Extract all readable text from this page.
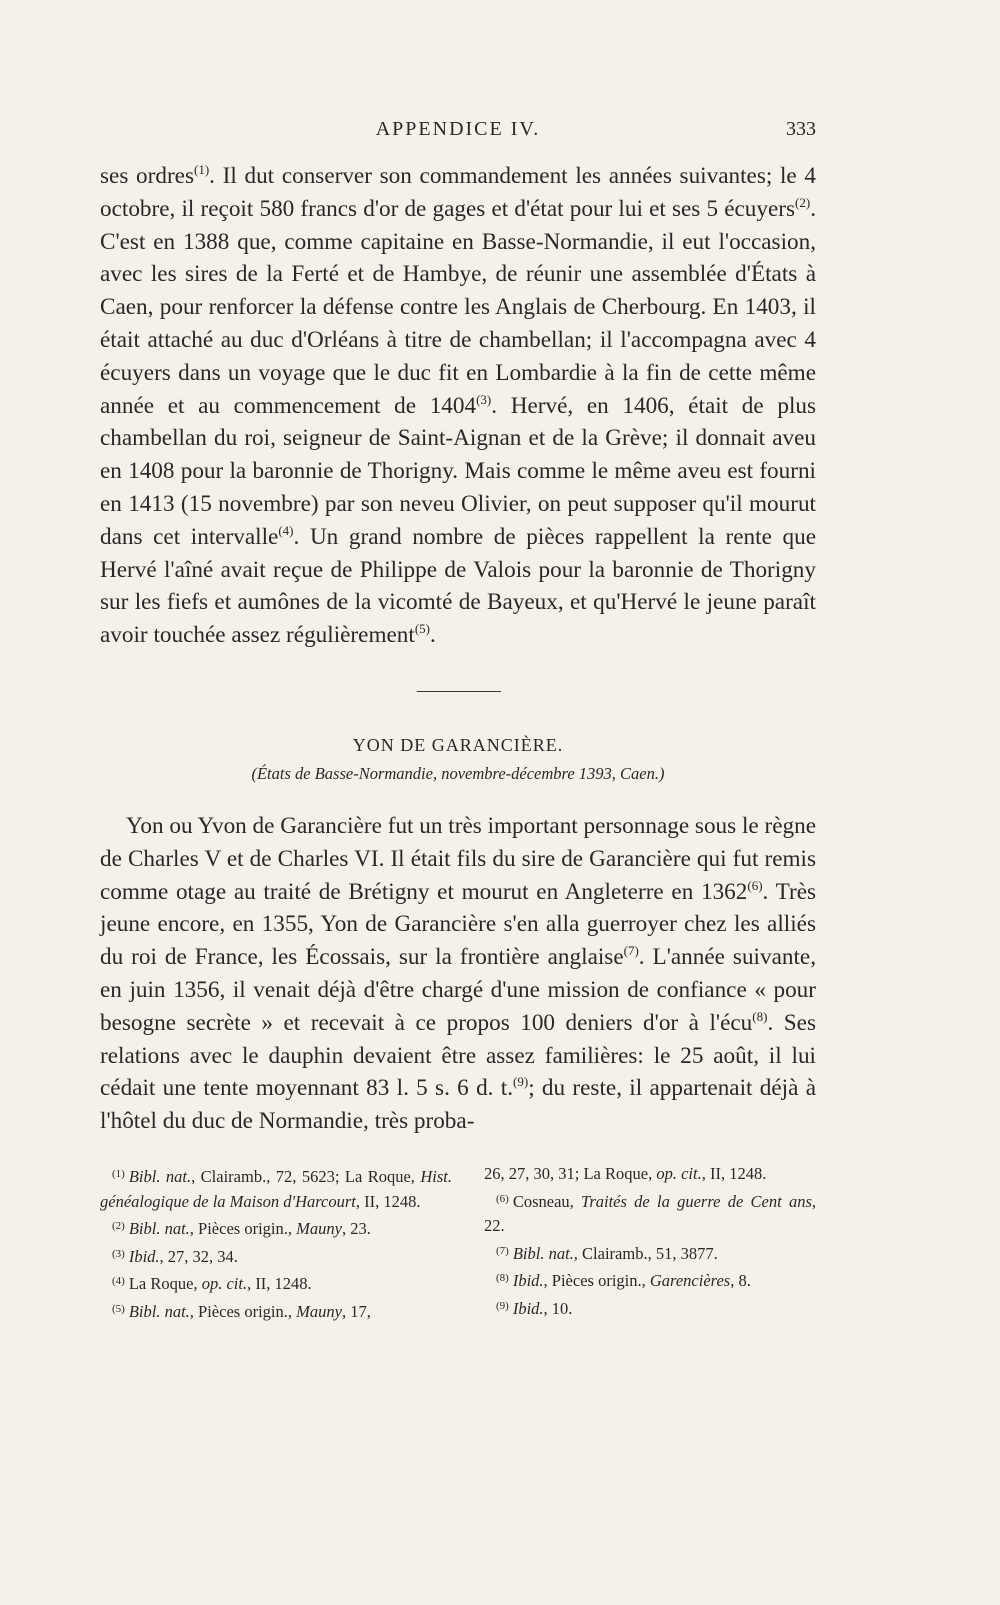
APPENDICE IV.	333

ses ordres$^{(1)}$. Il dut conserver son commandement les années suivantes; le 4 octobre, il reçoit 580 francs d'or de gages et d'état pour lui et ses 5 écuyers$^{(2)}$. C'est en 1388 que, comme capitaine en Basse-Normandie, il eut l'occasion, avec les sires de la Ferté et de Hambye, de réunir une assemblée d'États à Caen, pour renforcer la défense contre les Anglais de Cherbourg. En 1403, il était attaché au duc d'Orléans à titre de chambellan; il l'accompagna avec 4 écuyers dans un voyage que le duc fit en Lombardie à la fin de cette même année et au commencement de 1404$^{(3)}$. Hervé, en 1406, était de plus chambellan du roi, seigneur de Saint-Aignan et de la Grève; il donnait aveu en 1408 pour la baronnie de Thorigny. Mais comme le même aveu est fourni en 1413 (15 novembre) par son neveu Olivier, on peut supposer qu'il mourut dans cet intervalle$^{(4)}$. Un grand nombre de pièces rappellent la rente que Hervé l'aîné avait reçue de Philippe de Valois pour la baronnie de Thorigny sur les fiefs et aumônes de la vicomté de Bayeux, et qu'Hervé le jeune paraît avoir touchée assez régulièrement$^{(5)}$.

YON DE GARANCIÈRE.
(États de Basse-Normandie, novembre-décembre 1393, Caen.)

Yon ou Yvon de Garancière fut un très important personnage sous le règne de Charles V et de Charles VI. Il était fils du sire de Garancière qui fut remis comme otage au traité de Brétigny et mourut en Angleterre en 1362$^{(6)}$. Très jeune encore, en 1355, Yon de Garancière s'en alla guerroyer chez les alliés du roi de France, les Écossais, sur la frontière anglaise$^{(7)}$. L'année suivante, en juin 1356, il venait déjà d'être chargé d'une mission de confiance « pour besogne secrète » et recevait à ce propos 100 deniers d'or à l'écu$^{(8)}$. Ses relations avec le dauphin devaient être assez familières: le 25 août, il lui cédait une tente moyennant 83 l. 5 s. 6 d. t.$^{(9)}$; du reste, il appartenait déjà à l'hôtel du duc de Normandie, très proba-

$^{(1)}$ Bibl. nat., Clairamb., 72, 5623; La Roque, Hist. généalogique de la Maison d'Harcourt, II, 1248.

$^{(2)}$ Bibl. nat., Pièces origin., Mauny, 23.

$^{(3)}$ Ibid., 27, 32, 34.

$^{(4)}$ La Roque, op. cit., II, 1248.

$^{(5)}$ Bibl. nat., Pièces origin., Mauny, 17,

26, 27, 30, 31; La Roque, op. cit., II, 1248.

$^{(6)}$ Cosneau, Traités de la guerre de Cent ans, 22.

$^{(7)}$ Bibl. nat., Clairamb., 51, 3877.

$^{(8)}$ Ibid., Pièces origin., Garencières, 8.

$^{(9)}$ Ibid., 10.
